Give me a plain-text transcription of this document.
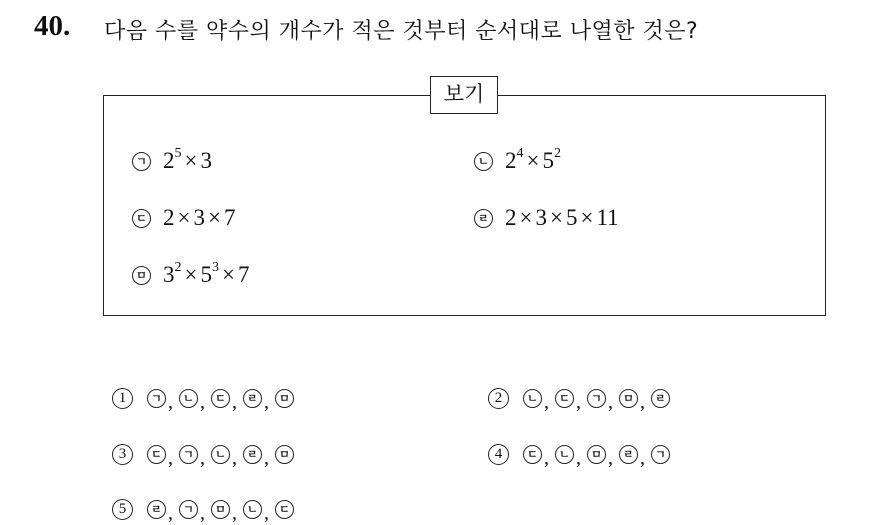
40. 다음 수를 약수의 개수가 적은 것부터 순서대로 나열한 것은?
보기
ㄱ $2^5 \times 3$	ㄴ $2^4 \times 5^2$
ㄷ 2 × 3 × 7	ㄹ 2 × 3 × 5 × 11
ㅁ $3^2 \times 5^3 \times 7$
1	ㄱ , ㄴ , ㄷ , ㄹ , ㅁ	2	ㄴ , ㄷ , ㄱ , ㅁ , ㄹ
3	ㄷ , ㄱ , ㄴ , ㄹ , ㅁ	4	ㄷ , ㄴ , ㅁ , ㄹ , ㄱ
5	ㄹ , ㄱ , ㅁ , ㄴ , ㄷ
